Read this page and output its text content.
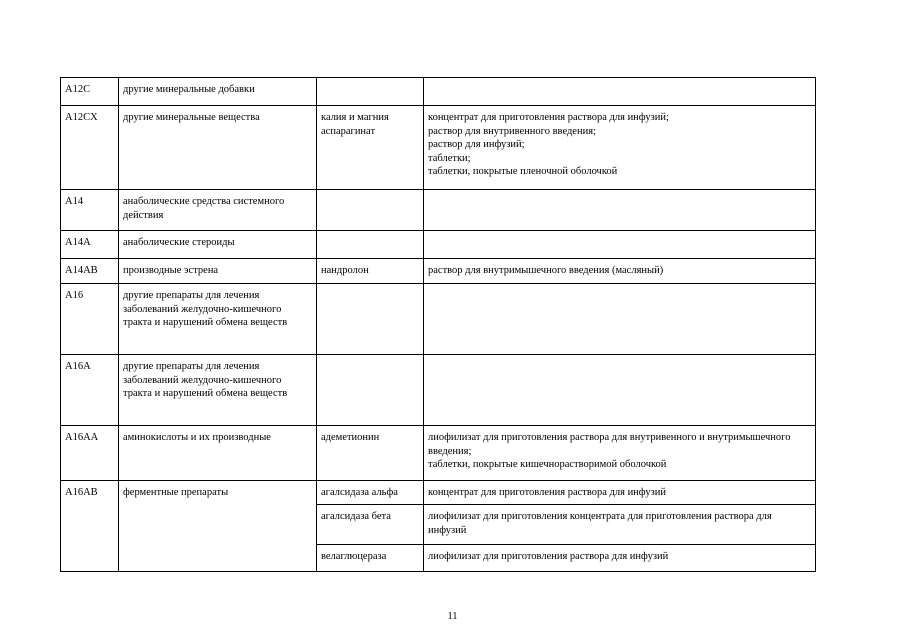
A12C	другие минеральные добавки		
A12CX	другие минеральные вещества	калия и магния аспарагинат	концентрат для приготовления раствора для инфузий;
раствор для внутривенного введения;
раствор для инфузий;
таблетки;
таблетки, покрытые пленочной оболочкой

A14	анаболические средства системного действия		
A14A	анаболические стероиды		
A14AB	производные эстрена	нандролон	раствор для внутримышечного введения (масляный)

A16	другие препараты для лечения заболеваний желудочно-кишечного тракта и нарушений обмена веществ		
A16A	другие препараты для лечения заболеваний желудочно-кишечного тракта и нарушений обмена веществ		
A16AA	аминокислоты и их производные	адеметионин	лиофилизат для приготовления раствора для внутривенного и внутримышечного введения;
таблетки, покрытые кишечнорастворимой оболочкой

A16AB	ферментные препараты	агалсидаза альфа	концентрат для приготовления раствора для инфузий

		агалсидаза бета	лиофилизат для приготовления концентрата для приготовления раствора для инфузий

		велаглюцераза	лиофилизат для приготовления раствора для инфузий
11
